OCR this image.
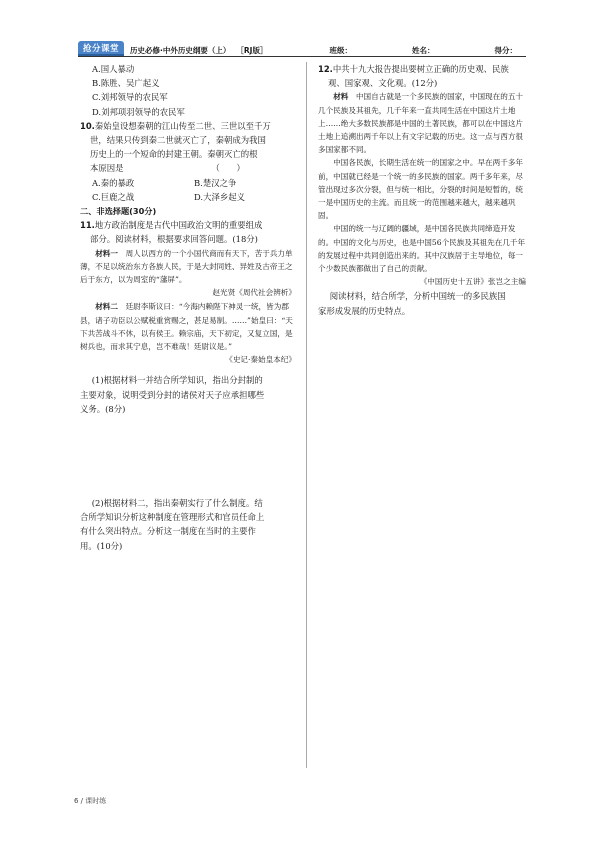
抢分课堂	历史必修·中外历史纲要（上） ［RJ版］	班级：	姓名：	得分：
A.国人暴动
B.陈胜、吴广起义
C.刘邦领导的农民军
D.刘邦项羽领导的农民军
10.秦始皇设想秦朝的江山传至二世、三世以至千万
世，结果只传到秦二世就灭亡了，秦朝成为我国
历史上的一个短命的封建王朝。秦朝灭亡的根
本原因是　　　　　　　　　　　（　　）
A.秦的暴政	B.楚汉之争
C.巨鹿之战	D.大泽乡起义
二、非选择题(30分)
11.地方政治制度是古代中国政治文明的重要组成
部分。阅读材料，根据要求回答问题。(18分)

材料一　 周人以西方的一个小国代商而有天下，苦于兵力单薄，不足以统治东方各族人民，于是大封同姓、异姓及古帝王之后于东方，以为周室的“藩屏”。

赵光贤《周代社会辨析》

材料二　 廷尉李斯议曰：“今海内赖陛下神灵一统，皆为郡县，诸子功臣以公赋税重赏赐之，甚足易制。……”始皇曰：“天下共苦战斗不休，以有侯王。赖宗庙，天下初定，又复立国，是树兵也，而求其宁息，岂不难哉！廷尉议是。”

《史记·秦始皇本纪》

(1)根据材料一并结合所学知识，指出分封制的
主要对象，说明受到分封的诸侯对天子应承担哪些
义务。(8分)
(2)根据材料二，指出秦朝实行了什么制度。结
合所学知识分析这种制度在管理形式和官员任命上
有什么突出特点。分析这一制度在当时的主要作
用。(10分)
12.中共十九大报告提出要树立正确的历史观、民族
观、国家观、文化观。(12分)

材料　 中国自古就是一个多民族的国家，中国现在的五十几个民族及其祖先，几千年来一直共同生活在中国这片土地上……绝大多数民族都是中国的土著民族，都可以在中国这片土地上追溯出两千年以上有文字记载的历史。这一点与西方很多国家都不同。

中国各民族，长期生活在统一的国家之中。早在两千多年前，中国就已经是一个统一的多民族的国家。两千多年来，尽管出现过多次分裂，但与统一相比，分裂的时间是短暂的，统一是中国历史的主流。而且统一的范围越来越大，越来越巩固。

中国的统一与辽阔的疆域，是中国各民族共同缔造开发的。中国的文化与历史，也是中国56个民族及其祖先在几千年的发展过程中共同创造出来的。其中汉族居于主导地位，每一个少数民族都做出了自己的贡献。

《中国历史十五讲》张岂之主编

阅读材料，结合所学，分析中国统一的多民族国
家形成发展的历史特点。
6 / 课时练
